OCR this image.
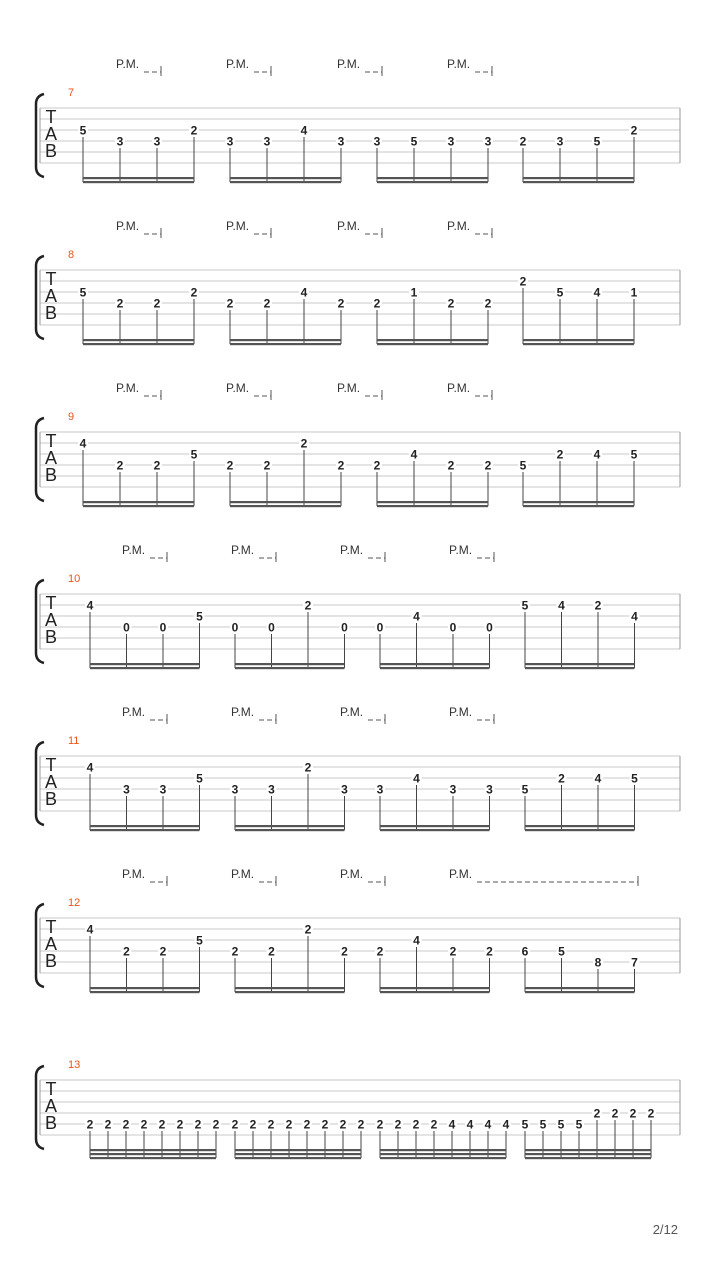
T
A
B
7
P.M.	P.M.	P.M.	P.M.
5
3	3
2
3	3
4
3 3	5	3	3 2	3	5
2
T
A
B
8
P.M.	P.M.	P.M.	P.M.
5
2	2
2
2	2
4
2 2
1
2	2
2
5	4	1
T
A
B
9
P.M.	P.M.	P.M.	P.M.
4
2	2
5
2	2
2
2 2
4
2	2 5
2	4	5
T
A
B
10
P.M.	P.M.	P.M.	P.M.
4
0 0
5
0 0
2
0 0
4
0 0
5 4 2
4
T
A
B
11
P.M.	P.M.	P.M.	P.M.
4
3 3
5
3 3
2
3 3
4
3 3 5
2 4 5
T
A
B
12
P.M.	P.M.	P.M.	P.M.
4
2 2
5
2 2
2
2 2
4
2 2 6 5
8 7
T
A
B
13
2 2 2 2 2 2 2 2 2 2 2 2 2 2 2 2 2 2 2 2 4 4 4 4 5 5 5 5
2 2 2 2
2/12
